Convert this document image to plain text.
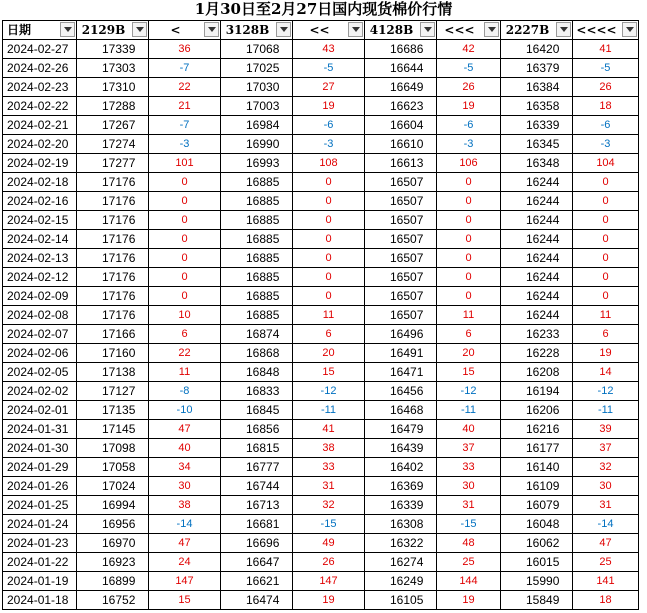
1月30日至2月27日国内现货棉价行情
日期	2129B	<	3128B	<<	4128B	<<<	2227B	<<<<

2024-02-27	17339	36	17068	43	16686	42	16420	41
2024-02-26	17303	-7	17025	-5	16644	-5	16379	-5
2024-02-23	17310	22	17030	27	16649	26	16384	26
2024-02-22	17288	21	17003	19	16623	19	16358	18
2024-02-21	17267	-7	16984	-6	16604	-6	16339	-6
2024-02-20	17274	-3	16990	-3	16610	-3	16345	-3
2024-02-19	17277	101	16993	108	16613	106	16348	104
2024-02-18	17176	0	16885	0	16507	0	16244	0
2024-02-16	17176	0	16885	0	16507	0	16244	0
2024-02-15	17176	0	16885	0	16507	0	16244	0
2024-02-14	17176	0	16885	0	16507	0	16244	0
2024-02-13	17176	0	16885	0	16507	0	16244	0
2024-02-12	17176	0	16885	0	16507	0	16244	0
2024-02-09	17176	0	16885	0	16507	0	16244	0
2024-02-08	17176	10	16885	11	16507	11	16244	11
2024-02-07	17166	6	16874	6	16496	6	16233	6
2024-02-06	17160	22	16868	20	16491	20	16228	19
2024-02-05	17138	11	16848	15	16471	15	16208	14
2024-02-02	17127	-8	16833	-12	16456	-12	16194	-12
2024-02-01	17135	-10	16845	-11	16468	-11	16206	-11
2024-01-31	17145	47	16856	41	16479	40	16216	39
2024-01-30	17098	40	16815	38	16439	37	16177	37
2024-01-29	17058	34	16777	33	16402	33	16140	32
2024-01-26	17024	30	16744	31	16369	30	16109	30
2024-01-25	16994	38	16713	32	16339	31	16079	31
2024-01-24	16956	-14	16681	-15	16308	-15	16048	-14
2024-01-23	16970	47	16696	49	16322	48	16062	47
2024-01-22	16923	24	16647	26	16274	25	16015	25
2024-01-19	16899	147	16621	147	16249	144	15990	141
2024-01-18	16752	15	16474	19	16105	19	15849	18
